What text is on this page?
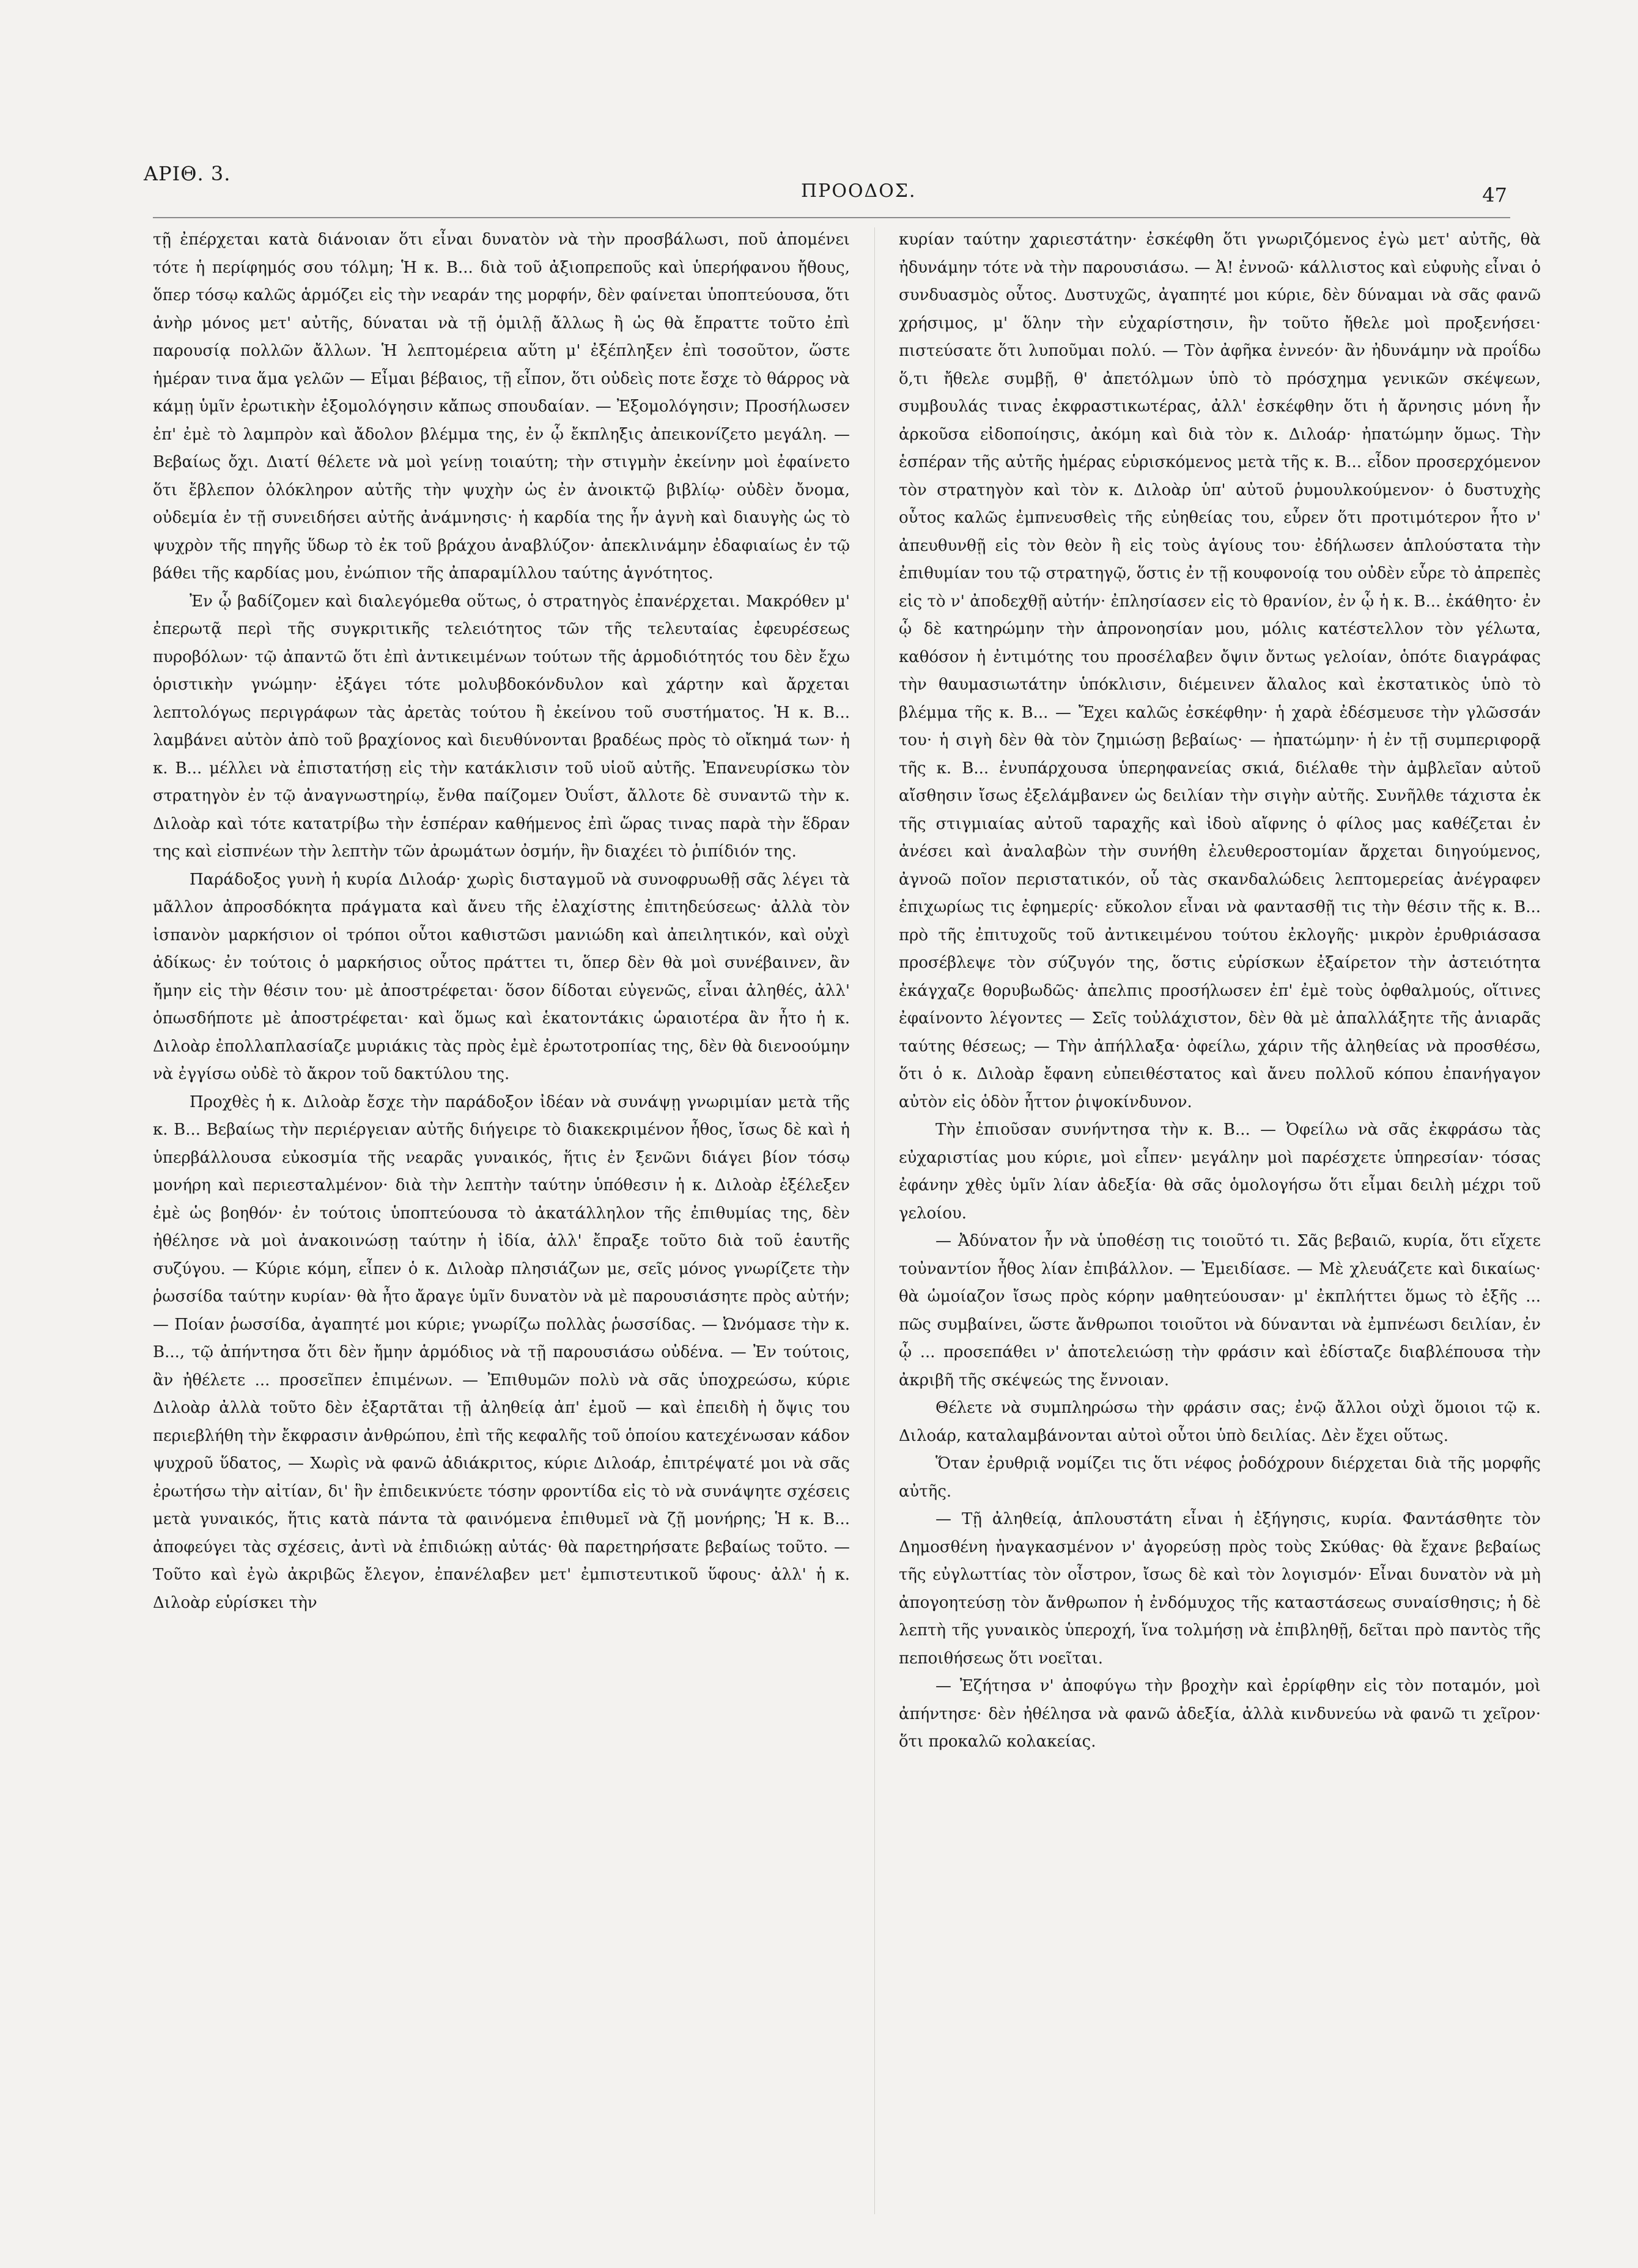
ΑΡΙΘ. 3.
ΠΡΟΟΔΟΣ.	47

τῇ ἐπέρχεται κατὰ διάνοιαν ὅτι εἶναι δυνατὸν νὰ τὴν προσβάλωσι, ποῦ ἀπομένει τότε ἡ περίφημός σου τόλμη; Ἡ κ. Β... διὰ τοῦ ἀξιοπρεποῦς καὶ ὑπερήφανου ἤθους, ὅπερ τόσῳ καλῶς ἁρμόζει εἰς τὴν νεαράν της μορφήν, δὲν φαίνεται ὑποπτεύουσα, ὅτι ἀνὴρ μόνος μετ' αὐτῆς, δύναται νὰ τῇ ὁμιλῇ ἄλλως ἢ ὡς θὰ ἔπραττε τοῦτο ἐπὶ παρουσίᾳ πολλῶν ἄλλων. Ἡ λεπτομέρεια αὕτη μ' ἐξέπληξεν ἐπὶ τοσοῦτον, ὥστε ἡμέραν τινα ἅμα γελῶν — Εἶμαι βέβαιος, τῇ εἶπον, ὅτι οὐδεὶς ποτε ἔσχε τὸ θάρρος νὰ κάμῃ ὑμῖν ἐρωτικὴν ἐξομολόγησιν κἄπως σπουδαίαν. — Ἐξομολόγησιν; Προσήλωσεν ἐπ' ἐμὲ τὸ λαμπρὸν καὶ ἄδολον βλέμμα της, ἐν ᾧ ἔκπληξις ἀπεικονίζετο μεγάλη. — Βεβαίως ὄχι. Διατί θέλετε νὰ μοὶ γείνῃ τοιαύτη; τὴν στιγμὴν ἐκείνην μοὶ ἐφαίνετο ὅτι ἔβλεπον ὁλόκληρον αὐτῆς τὴν ψυχὴν ὡς ἐν ἀνοικτῷ βιβλίῳ· οὐδὲν ὄνομα, οὐδεμία ἐν τῇ συνειδήσει αὐτῆς ἀνάμνησις· ἡ καρδία της ἦν ἁγνὴ καὶ διαυγὴς ὡς τὸ ψυχρὸν τῆς πηγῆς ὕδωρ τὸ ἐκ τοῦ βράχου ἀναβλύζον· ἀπεκλινάμην ἐδαφιαίως ἐν τῷ βάθει τῆς καρδίας μου, ἐνώπιον τῆς ἀπαραμίλλου ταύτης ἁγνότητος.

Ἐν ᾧ βαδίζομεν καὶ διαλεγόμεθα οὕτως, ὁ στρατηγὸς ἐπανέρχεται. Μακρόθεν μ' ἐπερωτᾷ περὶ τῆς συγκριτικῆς τελειότητος τῶν τῆς τελευταίας ἐφευρέσεως πυροβόλων· τῷ ἀπαντῶ ὅτι ἐπὶ ἀντικειμένων τούτων τῆς ἁρμοδιότητός του δὲν ἔχω ὁριστικὴν γνώμην· ἐξάγει τότε μολυβδοκόνδυλον καὶ χάρτην καὶ ἄρχεται λεπτολόγως περιγράφων τὰς ἀρετὰς τούτου ἢ ἐκείνου τοῦ συστήματος. Ἡ κ. Β... λαμβάνει αὐτὸν ἀπὸ τοῦ βραχίονος καὶ διευθύνονται βραδέως πρὸς τὸ οἴκημά των· ἡ κ. Β... μέλλει νὰ ἐπιστατήσῃ εἰς τὴν κατάκλισιν τοῦ υἱοῦ αὐτῆς. Ἐπανευρίσκω τὸν στρατηγὸν ἐν τῷ ἀναγνωστηρίῳ, ἔνθα παίζομεν Ὀυΐστ, ἄλλοτε δὲ συναντῶ τὴν κ. Διλοὰρ καὶ τότε κατατρίβω τὴν ἑσπέραν καθήμενος ἐπὶ ὥρας τινας παρὰ τὴν ἕδραν της καὶ εἰσπνέων τὴν λεπτὴν τῶν ἀρωμάτων ὀσμήν, ἣν διαχέει τὸ ῥιπίδιόν της.

Παράδοξος γυνὴ ἡ κυρία Διλοάρ· χωρὶς δισταγμοῦ νὰ συνοφρυωθῇ σᾶς λέγει τὰ μᾶλλον ἀπροσδόκητα πράγματα καὶ ἄνευ τῆς ἐλαχίστης ἐπιτηδεύσεως· ἀλλὰ τὸν ἰσπανὸν μαρκήσιον οἱ τρόποι οὗτοι καθιστῶσι μανιώδη καὶ ἀπειλητικόν, καὶ οὐχὶ ἀδίκως· ἐν τούτοις ὁ μαρκήσιος οὗτος πράττει τι, ὅπερ δὲν θὰ μοὶ συνέβαινεν, ἂν ἤμην εἰς τὴν θέσιν του· μὲ ἀποστρέφεται· ὅσον δίδοται εὐγενῶς, εἶναι ἀληθές, ἀλλ' ὁπωσδήποτε μὲ ἀποστρέφεται· καὶ ὅμως καὶ ἑκατοντάκις ὡραιοτέρα ἂν ἦτο ἡ κ. Διλοὰρ ἐπολλαπλασίαζε μυριάκις τὰς πρὸς ἐμὲ ἐρωτοτροπίας της, δὲν θὰ διενοούμην νὰ ἐγγίσω οὐδὲ τὸ ἄκρον τοῦ δακτύλου της.

Προχθὲς ἡ κ. Διλοὰρ ἔσχε τὴν παράδοξον ἰδέαν νὰ συνάψῃ γνωριμίαν μετὰ τῆς κ. Β... Βεβαίως τὴν περιέργειαν αὐτῆς διήγειρε τὸ διακεκριμένον ἦθος, ἴσως δὲ καὶ ἡ ὑπερβάλλουσα εὐκοσμία τῆς νεαρᾶς γυναικός, ἥτις ἐν ξενῶνι διάγει βίον τόσῳ μονήρη καὶ περιεσταλμένον· διὰ τὴν λεπτὴν ταύτην ὑπόθεσιν ἡ κ. Διλοὰρ ἐξέλεξεν ἐμὲ ὡς βοηθόν· ἐν τούτοις ὑποπτεύουσα τὸ ἀκατάλληλον τῆς ἐπιθυμίας της, δὲν ἠθέλησε νὰ μοὶ ἀνακοινώσῃ ταύτην ἡ ἰδία, ἀλλ' ἔπραξε τοῦτο διὰ τοῦ ἑαυτῆς συζύγου. — Κύριε κόμη, εἶπεν ὁ κ. Διλοὰρ πλησιάζων με, σεῖς μόνος γνωρίζετε τὴν ῥωσσίδα ταύτην κυρίαν· θὰ ἦτο ἄραγε ὑμῖν δυνατὸν νὰ μὲ παρουσιάσητε πρὸς αὐτήν; — Ποίαν ῥωσσίδα, ἀγαπητέ μοι κύριε; γνωρίζω πολλὰς ῥωσσίδας. — Ὠνόμασε τὴν κ. Β..., τῷ ἀπήντησα ὅτι δὲν ἤμην ἁρμόδιος νὰ τῇ παρουσιάσω οὐδένα. — Ἐν τούτοις, ἂν ἠθέλετε ... προσεῖπεν ἐπιμένων. — Ἐπιθυμῶν πολὺ νὰ σᾶς ὑποχρεώσω, κύριε Διλοὰρ ἀλλὰ τοῦτο δὲν ἐξαρτᾶται τῇ ἀληθείᾳ ἀπ' ἐμοῦ — καὶ ἐπειδὴ ἡ ὄψις του περιεβλήθη τὴν ἔκφρασιν ἀνθρώπου, ἐπὶ τῆς κεφαλῆς τοῦ ὁποίου κατεχένωσαν κάδον ψυχροῦ ὕδατος, — Χωρὶς νὰ φανῶ ἀδιάκριτος, κύριε Διλοάρ, ἐπιτρέψατέ μοι νὰ σᾶς ἐρωτήσω τὴν αἰτίαν, δι' ἣν ἐπιδεικνύετε τόσην φροντίδα εἰς τὸ νὰ συνάψητε σχέσεις μετὰ γυναικός, ἥτις κατὰ πάντα τὰ φαινόμενα ἐπιθυμεῖ νὰ ζῇ μονήρης; Ἡ κ. Β... ἀποφεύγει τὰς σχέσεις, ἀντὶ νὰ ἐπιδιώκῃ αὐτάς· θὰ παρετηρήσατε βεβαίως τοῦτο. — Τοῦτο καὶ ἐγὼ ἀκριβῶς ἔλεγον, ἐπανέλαβεν μετ' ἐμπιστευτικοῦ ὕφους· ἀλλ' ἡ κ. Διλοὰρ εὑρίσκει τὴν

κυρίαν ταύτην χαριεστάτην· ἐσκέφθη ὅτι γνωριζόμενος ἐγὼ μετ' αὐτῆς, θὰ ἠδυνάμην τότε νὰ τὴν παρουσιάσω. — Ἀ! ἐννοῶ· κάλλιστος καὶ εὐφυὴς εἶναι ὁ συνδυασμὸς οὗτος. Δυστυχῶς, ἀγαπητέ μοι κύριε, δὲν δύναμαι νὰ σᾶς φανῶ χρήσιμος, μ' ὅλην τὴν εὐχαρίστησιν, ἣν τοῦτο ἤθελε μοὶ προξενήσει· πιστεύσατε ὅτι λυποῦμαι πολύ. — Τὸν ἀφῆκα ἐννεόν· ἂν ἠδυνάμην νὰ προΐδω ὅ,τι ἤθελε συμβῇ, θ' ἀπετόλμων ὑπὸ τὸ πρόσχημα γενικῶν σκέψεων, συμβουλάς τινας ἐκφραστικωτέρας, ἀλλ' ἐσκέφθην ὅτι ἡ ἄρνησις μόνη ἦν ἀρκοῦσα εἰδοποίησις, ἀκόμη καὶ διὰ τὸν κ. Διλοάρ· ἠπατώμην ὅμως. Τὴν ἑσπέραν τῆς αὐτῆς ἡμέρας εὑρισκόμενος μετὰ τῆς κ. Β... εἶδον προσερχόμενον τὸν στρατηγὸν καὶ τὸν κ. Διλοὰρ ὑπ' αὐτοῦ ῥυμουλκούμενον· ὁ δυστυχὴς οὗτος καλῶς ἐμπνευσθεὶς τῆς εὐηθείας του, εὗρεν ὅτι προτιμότερον ἦτο ν' ἀπευθυνθῇ εἰς τὸν θεὸν ἢ εἰς τοὺς ἁγίους του· ἐδήλωσεν ἁπλούστατα τὴν ἐπιθυμίαν του τῷ στρατηγῷ, ὅστις ἐν τῇ κουφονοίᾳ του οὐδὲν εὗρε τὸ ἀπρεπὲς εἰς τὸ ν' ἀποδεχθῇ αὐτήν· ἐπλησίασεν εἰς τὸ θρανίον, ἐν ᾧ ἡ κ. Β... ἐκάθητο· ἐν ᾧ δὲ κατηρώμην τὴν ἀπρονοησίαν μου, μόλις κατέστελλον τὸν γέλωτα, καθόσον ἡ ἐντιμότης του προσέλαβεν ὄψιν ὄντως γελοίαν, ὁπότε διαγράφας τὴν θαυμασιωτάτην ὑπόκλισιν, διέμεινεν ἄλαλος καὶ ἐκστατικὸς ὑπὸ τὸ βλέμμα τῆς κ. Β... — Ἔχει καλῶς ἐσκέφθην· ἡ χαρὰ ἐδέσμευσε τὴν γλῶσσάν του· ἡ σιγὴ δὲν θὰ τὸν ζημιώσῃ βεβαίως· — ἠπατώμην· ἡ ἐν τῇ συμπεριφορᾷ τῆς κ. Β... ἐνυπάρχουσα ὑπερηφανείας σκιά, διέλαθε τὴν ἀμβλεῖαν αὐτοῦ αἴσθησιν ἴσως ἐξελάμβανεν ὡς δειλίαν τὴν σιγὴν αὐτῆς. Συνῆλθε τάχιστα ἐκ τῆς στιγμιαίας αὐτοῦ ταραχῆς καὶ ἰδοὺ αἴφνης ὁ φίλος μας καθέζεται ἐν ἀνέσει καὶ ἀναλαβὼν τὴν συνήθη ἐλευθεροστομίαν ἄρχεται διηγούμενος, ἀγνοῶ ποῖον περιστατικόν, οὗ τὰς σκανδαλώδεις λεπτομερείας ἀνέγραφεν ἐπιχωρίως τις ἐφημερίς· εὔκολον εἶναι νὰ φαντασθῇ τις τὴν θέσιν τῆς κ. Β... πρὸ τῆς ἐπιτυχοῦς τοῦ ἀντικειμένου τούτου ἐκλογῆς· μικρὸν ἐρυθριάσασα προσέβλεψε τὸν σύζυγόν της, ὅστις εὑρίσκων ἐξαίρετον τὴν ἀστειότητα ἐκάγχαζε θορυβωδῶς· ἀπελπις προσήλωσεν ἐπ' ἐμὲ τοὺς ὀφθαλμούς, οἵτινες ἐφαίνοντο λέγοντες — Σεῖς τοὐλάχιστον, δὲν θὰ μὲ ἀπαλλάξητε τῆς ἀνιαρᾶς ταύτης θέσεως; — Τὴν ἀπήλλαξα· ὀφείλω, χάριν τῆς ἀληθείας νὰ προσθέσω, ὅτι ὁ κ. Διλοὰρ ἔφανη εὐπειθέστατος καὶ ἄνευ πολλοῦ κόπου ἐπανήγαγον αὐτὸν εἰς ὁδὸν ἧττον ῥιψοκίνδυνον.

Τὴν ἐπιοῦσαν συνήντησα τὴν κ. Β... — Ὀφείλω νὰ σᾶς ἐκφράσω τὰς εὐχαριστίας μου κύριε, μοὶ εἶπεν· μεγάλην μοὶ παρέσχετε ὑπηρεσίαν· τόσας ἐφάνην χθὲς ὑμῖν λίαν ἀδεξία· θὰ σᾶς ὁμολογήσω ὅτι εἶμαι δειλὴ μέχρι τοῦ γελοίου.

— Ἀδύνατον ἦν νὰ ὑποθέσῃ τις τοιοῦτό τι. Σᾶς βεβαιῶ, κυρία, ὅτι εἴχετε τοὐναντίον ἦθος λίαν ἐπιβάλλον. — Ἐμειδίασε. — Μὲ χλευάζετε καὶ δικαίως· θὰ ὡμοίαζον ἴσως πρὸς κόρην μαθητεύουσαν· μ' ἐκπλήττει ὅμως τὸ ἐξῆς ... πῶς συμβαίνει, ὥστε ἄνθρωποι τοιοῦτοι νὰ δύνανται νὰ ἐμπνέωσι δειλίαν, ἐν ᾧ ... προσεπάθει ν' ἀποτελειώσῃ τὴν φράσιν καὶ ἐδίσταζε διαβλέπουσα τὴν ἀκριβῆ τῆς σκέψεώς της ἔννοιαν.

Θέλετε νὰ συμπληρώσω τὴν φράσιν σας; ἐνῷ ἄλλοι οὐχὶ ὅμοιοι τῷ κ. Διλοάρ, καταλαμβάνονται αὐτοὶ οὗτοι ὑπὸ δειλίας. Δὲν ἔχει οὕτως.

Ὅταν ἐρυθριᾷ νομίζει τις ὅτι νέφος ῥοδόχρουν διέρχεται διὰ τῆς μορφῆς αὐτῆς.

— Τῇ ἀληθείᾳ, ἁπλουστάτη εἶναι ἡ ἐξήγησις, κυρία. Φαντάσθητε τὸν Δημοσθένη ἠναγκασμένον ν' ἀγορεύσῃ πρὸς τοὺς Σκύθας· θὰ ἔχανε βεβαίως τῆς εὐγλωττίας τὸν οἶστρον, ἴσως δὲ καὶ τὸν λογισμόν· Εἶναι δυνατὸν νὰ μὴ ἀπογοητεύσῃ τὸν ἄνθρωπον ἡ ἐνδόμυχος τῆς καταστάσεως συναίσθησις; ἡ δὲ λεπτὴ τῆς γυναικὸς ὑπεροχή, ἵνα τολμήσῃ νὰ ἐπιβληθῇ, δεῖται πρὸ παντὸς τῆς πεποιθήσεως ὅτι νοεῖται.

— Ἐζήτησα ν' ἀποφύγω τὴν βροχὴν καὶ ἐρρίφθην εἰς τὸν ποταμόν, μοὶ ἀπήντησε· δὲν ἠθέλησα νὰ φανῶ ἀδεξία, ἀλλὰ κινδυνεύω νὰ φανῶ τι χεῖρον· ὅτι προκαλῶ κολακείας.
